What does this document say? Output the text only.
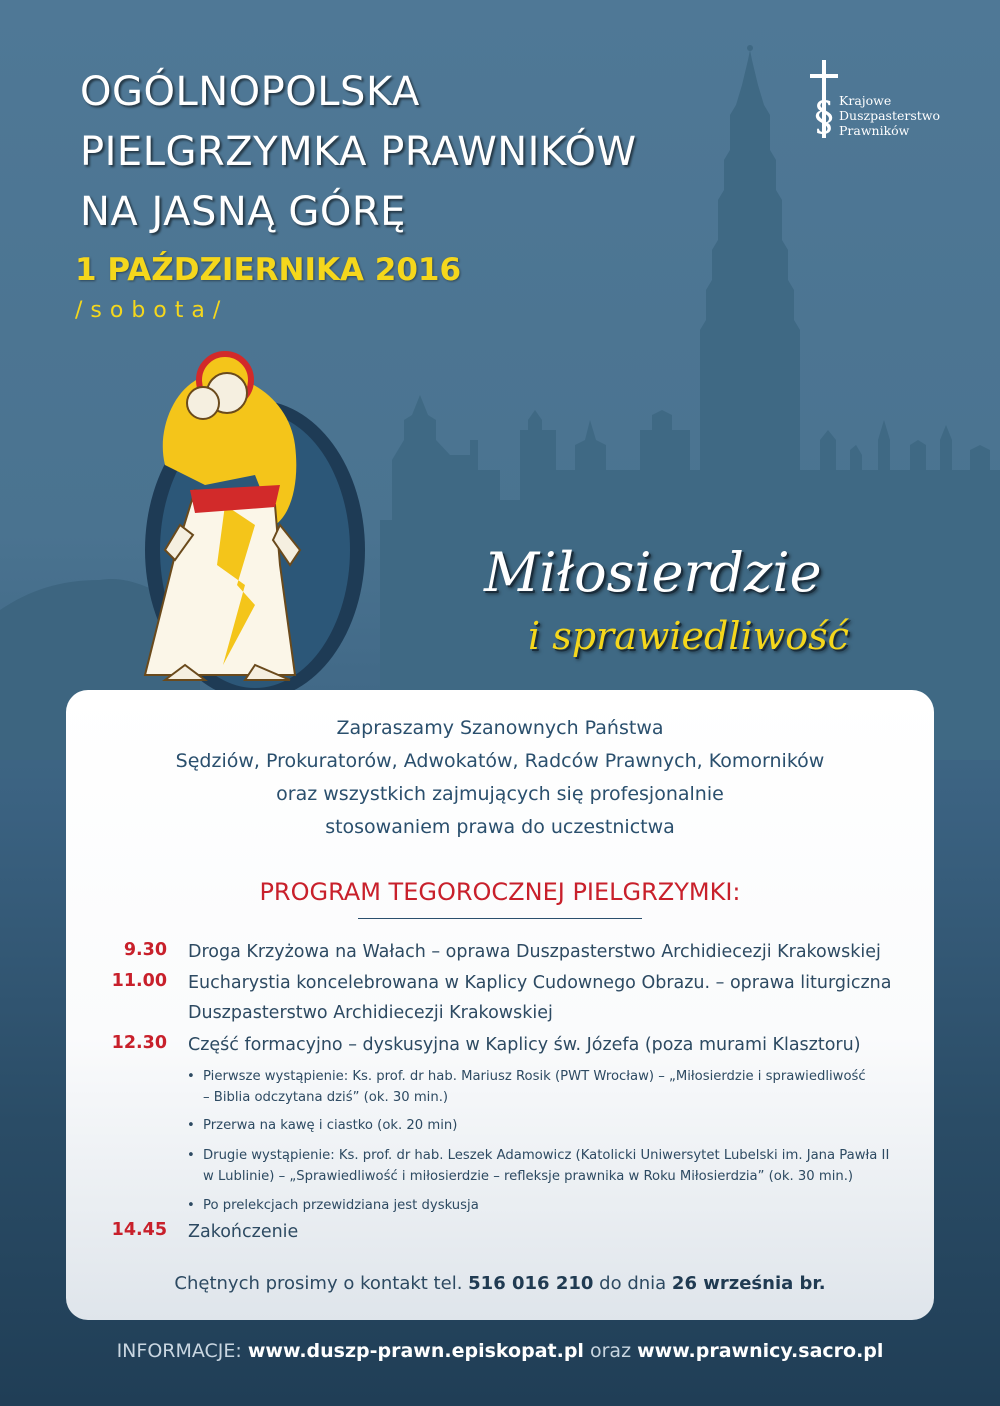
OGÓLNOPOLSKA
PIELGRZYMKA PRAWNIKÓW
NA JASNĄ GÓRĘ
1 PAŹDZIERNIKA 2016
/sobota/
§ Krajowe
Duszpasterstwo
Prawników
Miłosierdzie
i sprawiedliwość
Zapraszamy Szanownych Państwa
Sędziów, Prokuratorów, Adwokatów, Radców Prawnych, Komorników
oraz wszystkich zajmujących się profesjonalnie
stosowaniem prawa do uczestnictwa
PROGRAM TEGOROCZNEJ PIELGRZYMKI:
9.30 Droga Krzyżowa na Wałach – oprawa Duszpasterstwo Archidiecezji Krakowskiej
11.00 Eucharystia koncelebrowana w Kaplicy Cudownego Obrazu. – oprawa liturgiczna
Duszpasterstwo Archidiecezji Krakowskiej
12.30 Część formacyjno – dyskusyjna w Kaplicy św. Józefa (poza murami Klasztoru)
• Pierwsze wystąpienie: Ks. prof. dr hab. Mariusz Rosik (PWT Wrocław) – „Miłosierdzie i sprawiedliwość
– Biblia odczytana dziś” (ok. 30 min.)
• Przerwa na kawę i ciastko (ok. 20 min)
• Drugie wystąpienie: Ks. prof. dr hab. Leszek Adamowicz (Katolicki Uniwersytet Lubelski im. Jana Pawła II
w Lublinie) – „Sprawiedliwość i miłosierdzie – refleksje prawnika w Roku Miłosierdzia” (ok. 30 min.)
• Po prelekcjach przewidziana jest dyskusja
14.45 Zakończenie
Chętnych prosimy o kontakt tel. 516 016 210 do dnia 26 września br.
INFORMACJE: www.duszp-prawn.episkopat.pl oraz www.prawnicy.sacro.pl
